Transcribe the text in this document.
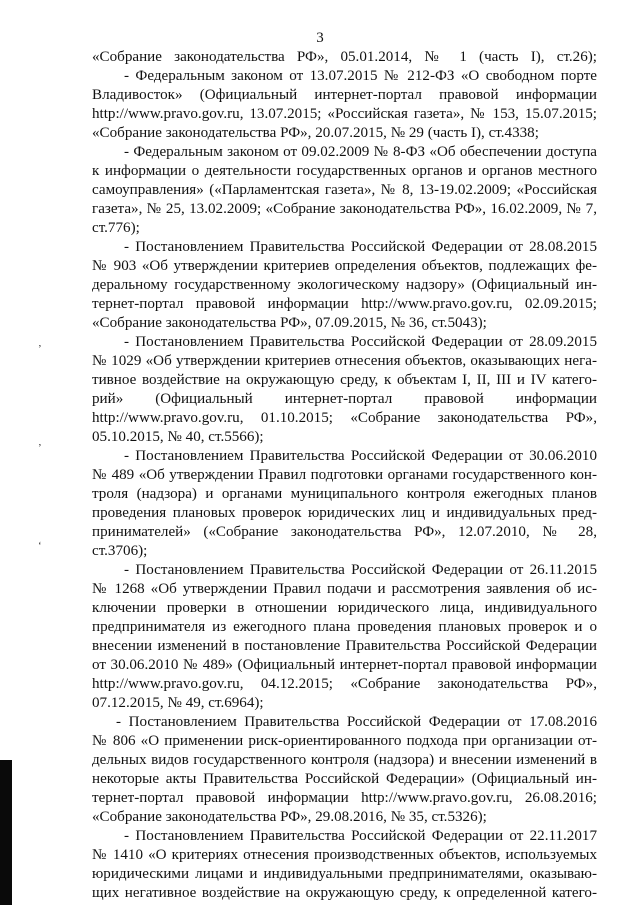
3
«Собрание законодательства РФ», 05.01.2014, № 1 (часть I), ст.26);
- Федеральным законом от 13.07.2015 № 212-ФЗ «О свободном порте
Владивосток» (Официальный интернет-портал правовой информации
http://www.pravo.gov.ru, 13.07.2015; «Российская газета», № 153, 15.07.2015;
«Собрание законодательства РФ», 20.07.2015, № 29 (часть I), ст.4338;
- Федеральным законом от 09.02.2009 № 8-ФЗ «Об обеспечении доступа
к информации о деятельности государственных органов и органов местного
самоуправления» («Парламентская газета», № 8, 13-19.02.2009; «Российская
газета», № 25, 13.02.2009; «Собрание законодательства РФ», 16.02.2009, № 7,
ст.776);
- Постановлением Правительства Российской Федерации от 28.08.2015
№ 903 «Об утверждении критериев определения объектов, подлежащих фе-
деральному государственному экологическому надзору» (Официальный ин-
тернет-портал правовой информации http://www.pravo.gov.ru, 02.09.2015;
«Собрание законодательства РФ», 07.09.2015, № 36, ст.5043);
- Постановлением Правительства Российской Федерации от 28.09.2015
№ 1029 «Об утверждении критериев отнесения объектов, оказывающих нега-
тивное воздействие на окружающую среду, к объектам I, II, III и IV катего-
рий» (Официальный интернет-портал правовой информации
http://www.pravo.gov.ru, 01.10.2015; «Собрание законодательства РФ»,
05.10.2015, № 40, ст.5566);
- Постановлением Правительства Российской Федерации от 30.06.2010
№ 489 «Об утверждении Правил подготовки органами государственного кон-
троля (надзора) и органами муниципального контроля ежегодных планов
проведения плановых проверок юридических лиц и индивидуальных пред-
принимателей» («Собрание законодательства РФ», 12.07.2010, № 28,
ст.3706);
- Постановлением Правительства Российской Федерации от 26.11.2015
№ 1268 «Об утверждении Правил подачи и рассмотрения заявления об ис-
ключении проверки в отношении юридического лица, индивидуального
предпринимателя из ежегодного плана проведения плановых проверок и о
внесении изменений в постановление Правительства Российской Федерации
от 30.06.2010 № 489» (Официальный интернет-портал правовой информации
http://www.pravo.gov.ru, 04.12.2015; «Собрание законодательства РФ»,
07.12.2015, № 49, ст.6964);
- Постановлением Правительства Российской Федерации от 17.08.2016
№ 806 «О применении риск-ориентированного подхода при организации от-
дельных видов государственного контроля (надзора) и внесении изменений в
некоторые акты Правительства Российской Федерации» (Официальный ин-
тернет-портал правовой информации http://www.pravo.gov.ru, 26.08.2016;
«Собрание законодательства РФ», 29.08.2016, № 35, ст.5326);
- Постановлением Правительства Российской Федерации от 22.11.2017
№ 1410 «О критериях отнесения производственных объектов, используемых
юридическими лицами и индивидуальными предпринимателями, оказываю-
щих негативное воздействие на окружающую среду, к определенной катего-
ʼ
ʼ
ʻ
